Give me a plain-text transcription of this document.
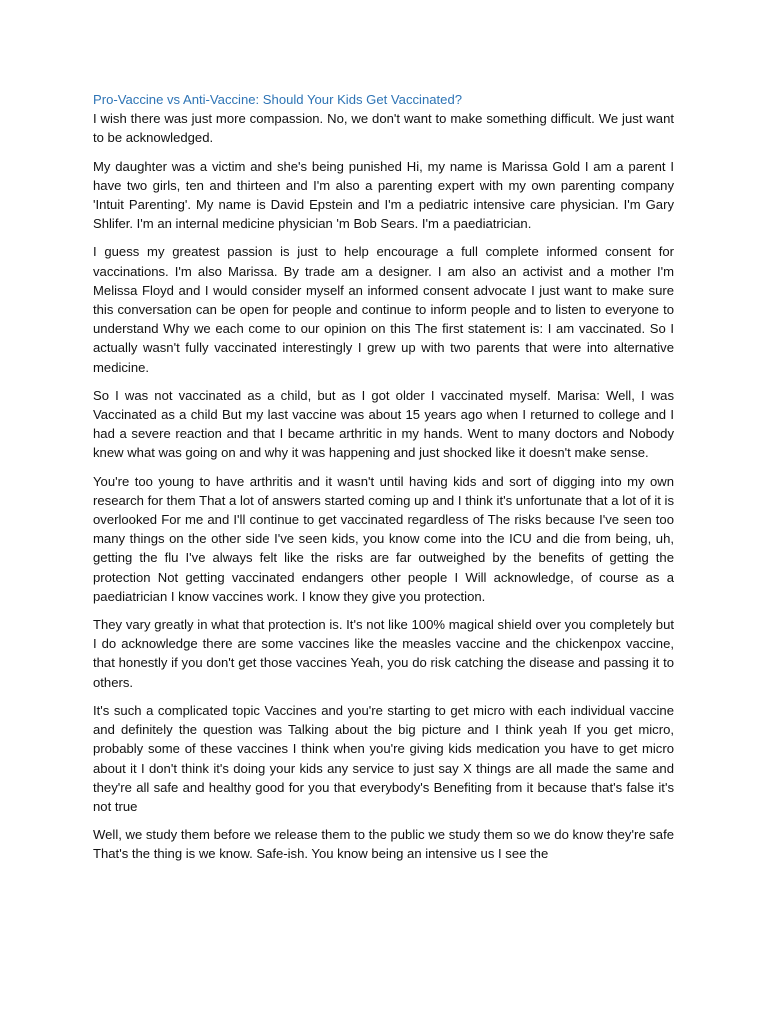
Pro-Vaccine vs Anti-Vaccine: Should Your Kids Get Vaccinated?

I wish there was just more compassion. No, we don't want to make something difficult. We just want to be acknowledged.

My daughter was a victim and she's being punished Hi, my name is Marissa Gold I am a parent I have two girls, ten and thirteen and I'm also a parenting expert with my own parenting company 'Intuit Parenting'. My name is David Epstein and I'm a pediatric intensive care physician. I'm Gary Shlifer. I'm an internal medicine physician 'm Bob Sears. I'm a paediatrician.

I guess my greatest passion is just to help encourage a full complete informed consent for vaccinations. I'm also Marissa. By trade am a designer. I am also an activist and a mother I'm Melissa Floyd and I would consider myself an informed consent advocate I just want to make sure this conversation can be open for people and continue to inform people and to listen to everyone to understand Why we each come to our opinion on this The first statement is: I am vaccinated. So I actually wasn't fully vaccinated interestingly I grew up with two parents that were into alternative medicine.

So I was not vaccinated as a child, but as I got older I vaccinated myself. Marisa: Well, I was Vaccinated as a child But my last vaccine was about 15 years ago when I returned to college and I had a severe reaction and that I became arthritic in my hands. Went to many doctors and Nobody knew what was going on and why it was happening and just shocked like it doesn't make sense.

You're too young to have arthritis and it wasn't until having kids and sort of digging into my own research for them That a lot of answers started coming up and I think it's unfortunate that a lot of it is overlooked For me and I'll continue to get vaccinated regardless of The risks because I've seen too many things on the other side I've seen kids, you know come into the ICU and die from being, uh, getting the flu I've always felt like the risks are far outweighed by the benefits of getting the protection Not getting vaccinated endangers other people I Will acknowledge, of course as a paediatrician I know vaccines work. I know they give you protection.

They vary greatly in what that protection is. It's not like 100% magical shield over you completely but I do acknowledge there are some vaccines like the measles vaccine and the chickenpox vaccine, that honestly if you don't get those vaccines Yeah, you do risk catching the disease and passing it to others.

It's such a complicated topic Vaccines and you're starting to get micro with each individual vaccine and definitely the question was Talking about the big picture and I think yeah If you get micro, probably some of these vaccines I think when you're giving kids medication you have to get micro about it I don't think it's doing your kids any service to just say X things are all made the same and they're all safe and healthy good for you that everybody's Benefiting from it because that's false it's not true

Well, we study them before we release them to the public we study them so we do know they're safe That's the thing is we know. Safe-ish. You know being an intensive us I see the
